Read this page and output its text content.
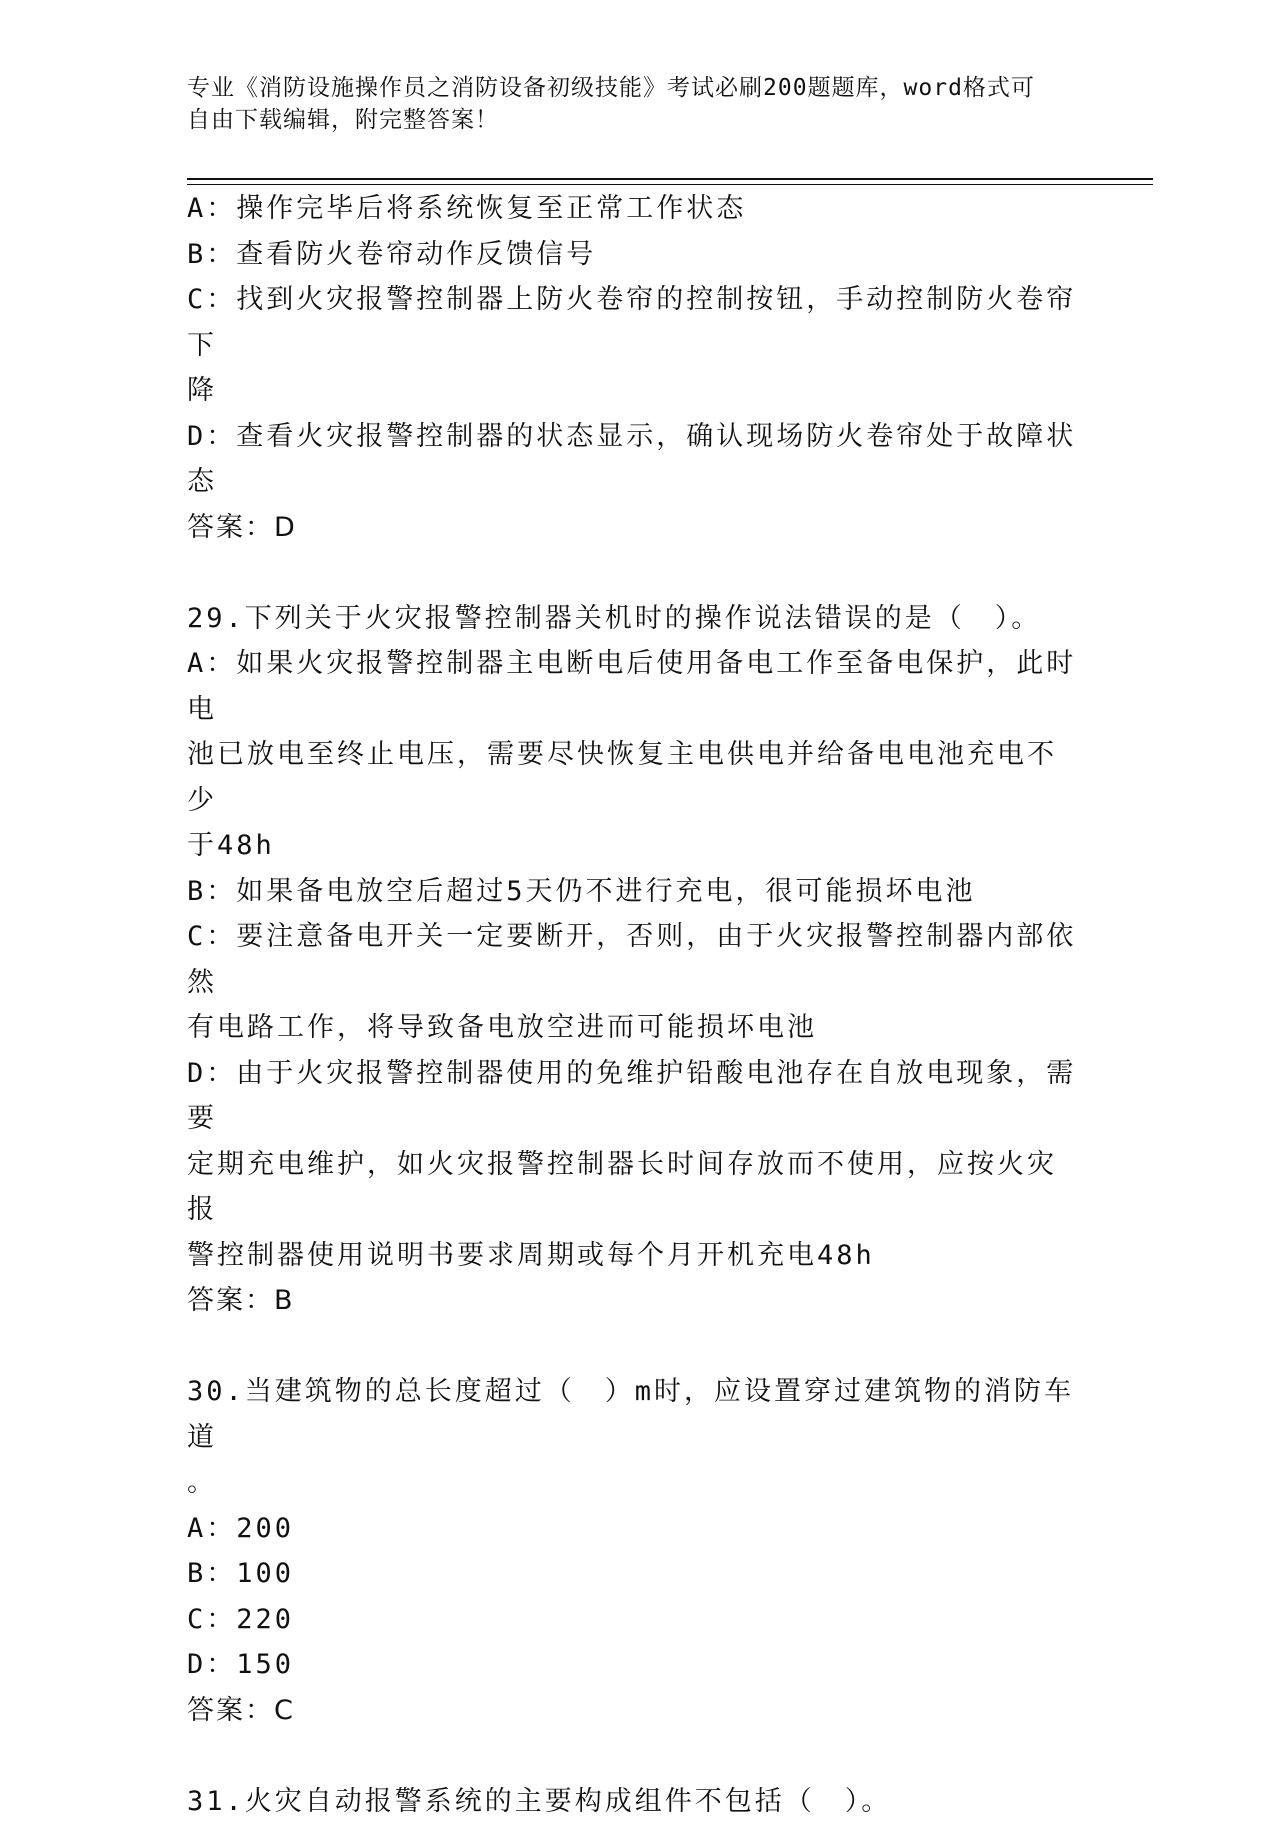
专业《消防设施操作员之消防设备初级技能》考试必刷200题题库，word格式可
自由下载编辑，附完整答案！
A：操作完毕后将系统恢复至正常工作状态
B：查看防火卷帘动作反馈信号
C：找到火灾报警控制器上防火卷帘的控制按钮，手动控制防火卷帘下
降
D：查看火灾报警控制器的状态显示，确认现场防火卷帘处于故障状态
答案：D
29.下列关于火灾报警控制器关机时的操作说法错误的是（　）。
A：如果火灾报警控制器主电断电后使用备电工作至备电保护，此时电
池已放电至终止电压，需要尽快恢复主电供电并给备电电池充电不少
于48h
B：如果备电放空后超过5天仍不进行充电，很可能损坏电池
C：要注意备电开关一定要断开，否则，由于火灾报警控制器内部依然
有电路工作，将导致备电放空进而可能损坏电池
D：由于火灾报警控制器使用的免维护铅酸电池存在自放电现象，需要
定期充电维护，如火灾报警控制器长时间存放而不使用，应按火灾报
警控制器使用说明书要求周期或每个月开机充电48h
答案：B
30.当建筑物的总长度超过（　）m时，应设置穿过建筑物的消防车道
。
A：200
B：100
C：220
D：150
答案：C
31.火灾自动报警系统的主要构成组件不包括（　）。
